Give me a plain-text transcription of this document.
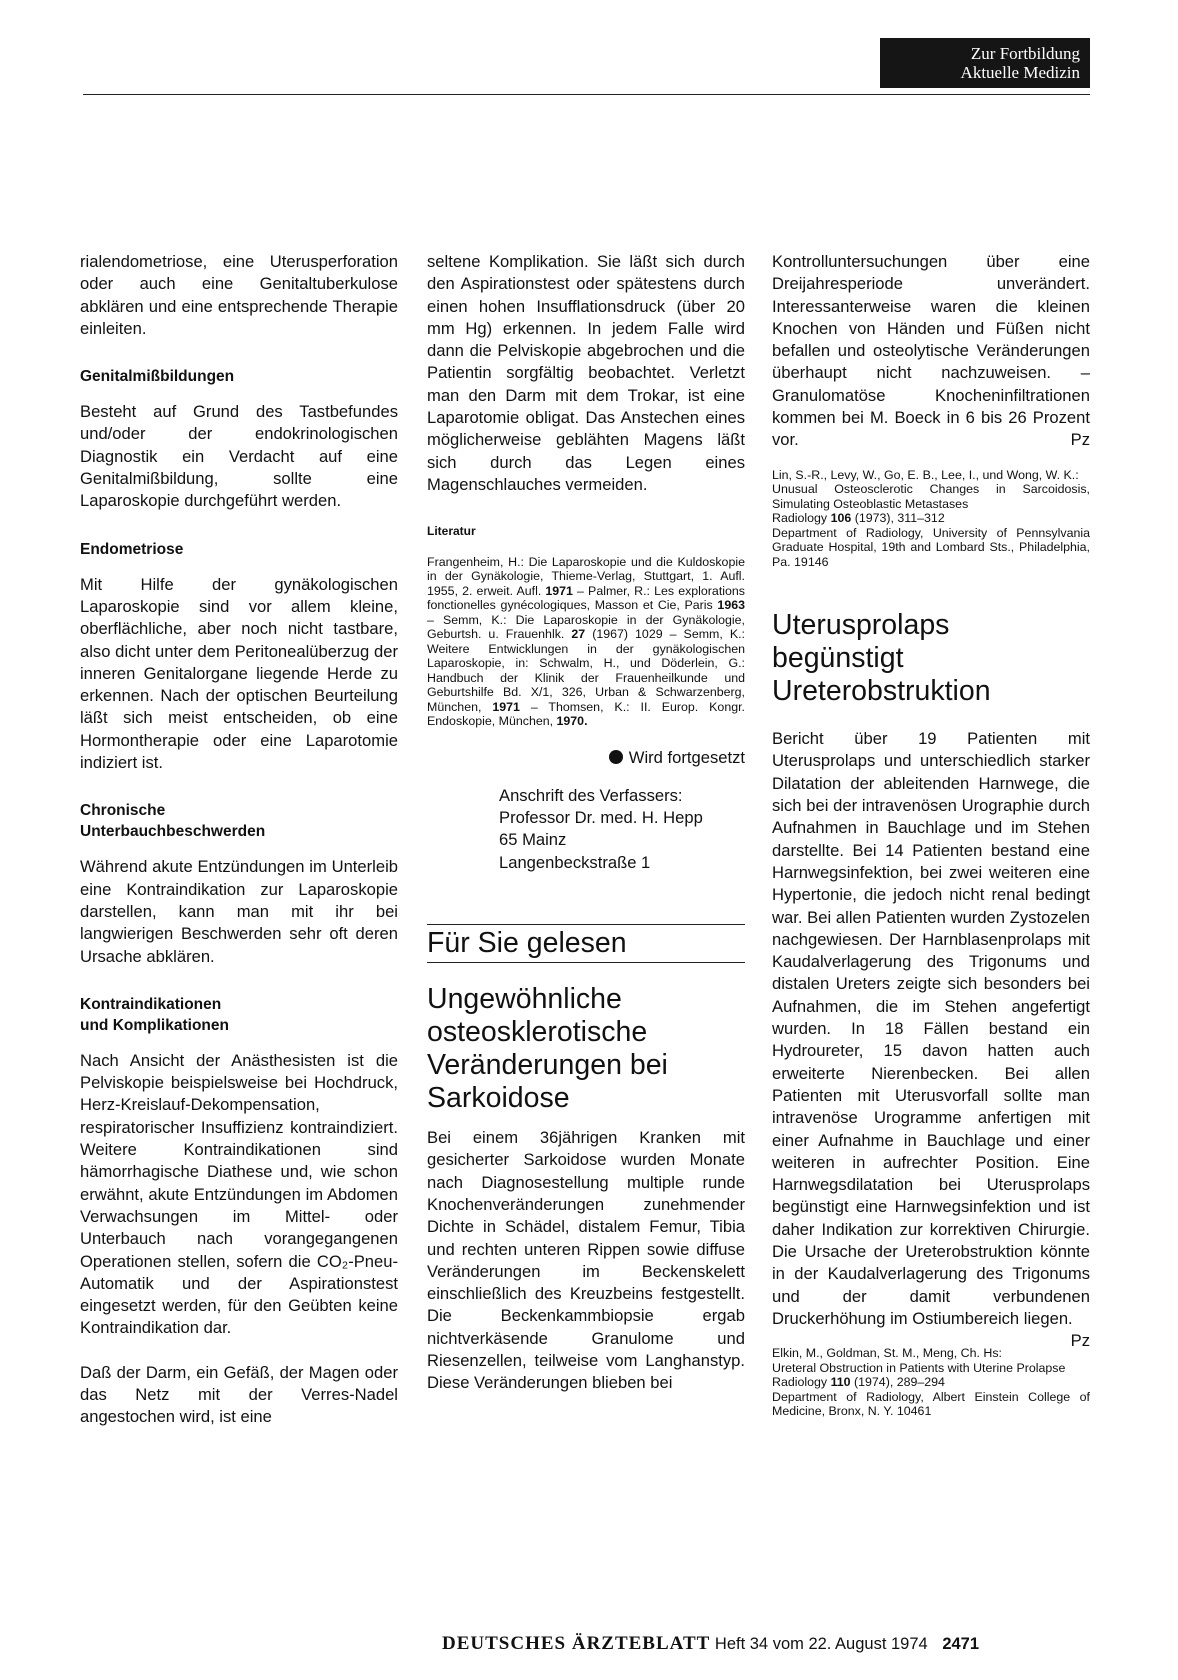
Zur Fortbildung
Aktuelle Medizin

rialendometriose, eine Uterusperforation oder auch eine Genitaltuberkulose abklären und eine entsprechende Therapie einleiten.

Genitalmißbildungen

Besteht auf Grund des Tastbefundes und/oder der endokrinologischen Diagnostik ein Verdacht auf eine Genitalmißbildung, sollte eine Laparoskopie durchgeführt werden.

Endometriose

Mit Hilfe der gynäkologischen Laparoskopie sind vor allem kleine, oberflächliche, aber noch nicht tastbare, also dicht unter dem Peritonealüberzug der inneren Genitalorgane liegende Herde zu erkennen. Nach der optischen Beurteilung läßt sich meist entscheiden, ob eine Hormontherapie oder eine Laparotomie indiziert ist.

Chronische
Unterbauchbeschwerden

Während akute Entzündungen im Unterleib eine Kontraindikation zur Laparoskopie darstellen, kann man mit ihr bei langwierigen Beschwerden sehr oft deren Ursache abklären.

Kontraindikationen
und Komplikationen

Nach Ansicht der Anästhesisten ist die Pelviskopie beispielsweise bei Hochdruck, Herz-Kreislauf-Dekompensation, respiratorischer Insuffizienz kontraindiziert. Weitere Kontraindikationen sind hämorrhagische Diathese und, wie schon erwähnt, akute Entzündungen im Abdomen Verwachsungen im Mittel- oder Unterbauch nach vorangegangenen Operationen stellen, sofern die CO₂-Pneu-Automatik und der Aspirationstest eingesetzt werden, für den Geübten keine Kontraindikation dar.

Daß der Darm, ein Gefäß, der Magen oder das Netz mit der Verres-Nadel angestochen wird, ist eine

seltene Komplikation. Sie läßt sich durch den Aspirationstest oder spätestens durch einen hohen Insufflationsdruck (über 20 mm Hg) erkennen. In jedem Falle wird dann die Pelviskopie abgebrochen und die Patientin sorgfältig beobachtet. Verletzt man den Darm mit dem Trokar, ist eine Laparotomie obligat. Das Anstechen eines möglicherweise geblähten Magens läßt sich durch das Legen eines Magenschlauches vermeiden.

Literatur
Frangenheim, H.: Die Laparoskopie und die Kuldoskopie in der Gynäkologie, Thieme-Verlag, Stuttgart, 1. Aufl. 1955, 2. erweit. Aufl. 1971 – Palmer, R.: Les explorations fonctionelles gynécologiques, Masson et Cie, Paris 1963 – Semm, K.: Die Laparoskopie in der Gynäkologie, Geburtsh. u. Frauenhlk. 27 (1967) 1029 – Semm, K.: Weitere Entwicklungen in der gynäkologischen Laparoskopie, in: Schwalm, H., und Döderlein, G.: Handbuch der Klinik der Frauenheilkunde und Geburtshilfe Bd. X/1, 326, Urban & Schwarzenberg, München, 1971 – Thomsen, K.: II. Europ. Kongr. Endoskopie, München, 1970.
Wird fortgesetzt
Anschrift des Verfassers:
Professor Dr. med. H. Hepp
65 Mainz
Langenbeckstraße 1
Für Sie gelesen
Ungewöhnliche osteosklerotische Veränderungen bei Sarkoidose

Bei einem 36jährigen Kranken mit gesicherter Sarkoidose wurden Monate nach Diagnosestellung multiple runde Knochenveränderungen zunehmender Dichte in Schädel, distalem Femur, Tibia und rechten unteren Rippen sowie diffuse Veränderungen im Beckenskelett einschließlich des Kreuzbeins festgestellt. Die Beckenkammbiopsie ergab nichtverkäsende Granulome und Riesenzellen, teilweise vom Langhanstyp. Diese Veränderungen blieben bei

Kontrolluntersuchungen über eine Dreijahresperiode unverändert. Interessanterweise waren die kleinen Knochen von Händen und Füßen nicht befallen und osteolytische Veränderungen überhaupt nicht nachzuweisen. – Granulomatöse Knocheninfiltrationen kommen bei M. Boeck in 6 bis 26 Prozent vor.	Pz

Lin, S.-R., Levy, W., Go, E. B., Lee, I., und Wong, W. K.:
Unusual Osteosclerotic Changes in Sarcoidosis, Simulating Osteoblastic Metastases
Radiology 106 (1973), 311–312
Department of Radiology, University of Pennsylvania Graduate Hospital, 19th and Lombard Sts., Philadelphia, Pa. 19146
Uterusprolaps begünstigt Ureterobstruktion

Bericht über 19 Patienten mit Uterusprolaps und unterschiedlich starker Dilatation der ableitenden Harnwege, die sich bei der intravenösen Urographie durch Aufnahmen in Bauchlage und im Stehen darstellte. Bei 14 Patienten bestand eine Harnwegsinfektion, bei zwei weiteren eine Hypertonie, die jedoch nicht renal bedingt war. Bei allen Patienten wurden Zystozelen nachgewiesen. Der Harnblasenprolaps mit Kaudalverlagerung des Trigonums und distalen Ureters zeigte sich besonders bei Aufnahmen, die im Stehen angefertigt wurden. In 18 Fällen bestand ein Hydroureter, 15 davon hatten auch erweiterte Nierenbecken. Bei allen Patienten mit Uterusvorfall sollte man intravenöse Urogramme anfertigen mit einer Aufnahme in Bauchlage und einer weiteren in aufrechter Position. Eine Harnwegsdilatation bei Uterusprolaps begünstigt eine Harnwegsinfektion und ist daher Indikation zur korrektiven Chirurgie. Die Ursache der Ureterobstruktion könnte in der Kaudalverlagerung des Trigonums und der damit verbundenen Druckerhöhung im Ostiumbereich liegen.
Pz

Elkin, M., Goldman, St. M., Meng, Ch. Hs:
Ureteral Obstruction in Patients with Uterine Prolapse
Radiology 110 (1974), 289–294
Department of Radiology, Albert Einstein College of Medicine, Bronx, N. Y. 10461
DEUTSCHES ÄRZTEBLATT Heft 34 vom 22. August 1974 2471
